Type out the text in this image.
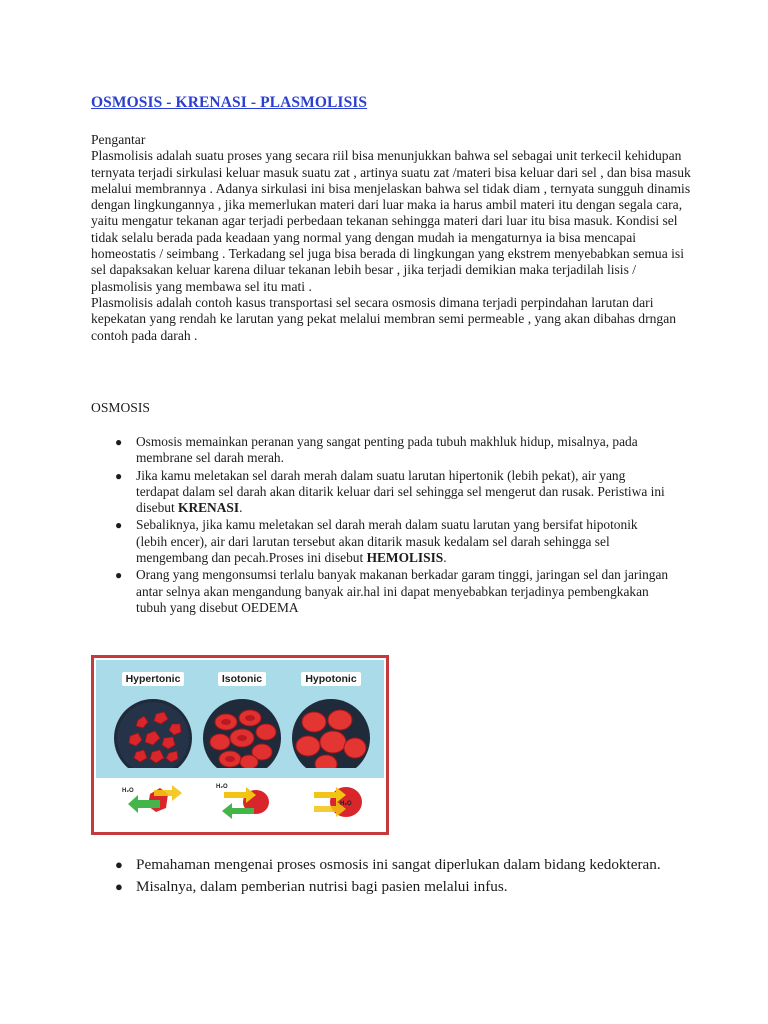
OSMOSIS - KRENASI - PLASMOLISIS

Pengantar

Plasmolisis adalah suatu proses yang secara riil bisa menunjukkan bahwa sel sebagai unit terkecil kehidupan ternyata terjadi sirkulasi keluar masuk suatu zat , artinya suatu zat /materi bisa keluar dari sel , dan bisa masuk melalui membrannya . Adanya sirkulasi ini bisa menjelaskan bahwa sel tidak diam , ternyata sungguh dinamis dengan lingkungannya , jika memerlukan materi dari luar maka ia harus ambil materi itu dengan segala cara, yaitu mengatur tekanan agar terjadi perbedaan tekanan sehingga materi dari luar itu bisa masuk. Kondisi sel tidak selalu berada pada keadaan yang normal yang dengan mudah ia mengaturnya ia bisa mencapai homeostatis / seimbang . Terkadang sel juga bisa berada di lingkungan yang ekstrem menyebabkan semua isi sel dapaksakan keluar karena diluar tekanan lebih besar , jika terjadi demikian maka terjadilah lisis / plasmolisis yang membawa sel itu mati .

Plasmolisis adalah contoh kasus transportasi sel secara osmosis dimana terjadi perpindahan larutan dari kepekatan yang rendah ke larutan yang pekat melalui membran semi permeable , yang akan dibahas drngan contoh pada darah .

OSMOSIS
● Osmosis memainkan peranan yang sangat penting pada tubuh makhluk hidup, misalnya, pada membrane sel darah merah.
● Jika kamu meletakan sel darah merah dalam suatu larutan hipertonik (lebih pekat), air yang terdapat dalam sel darah akan ditarik keluar dari sel sehingga sel mengerut dan rusak. Peristiwa ini disebut KRENASI.
● Sebaliknya, jika kamu meletakan sel darah merah dalam suatu larutan yang bersifat hipotonik (lebih encer), air dari larutan tersebut akan ditarik masuk kedalam sel darah sehingga sel mengembang dan pecah.Proses ini disebut HEMOLISIS.
● Orang yang mengonsumsi terlalu banyak makanan berkadar garam tinggi, jaringan sel dan jaringan antar selnya akan mengandung banyak air.hal ini dapat menyebabkan terjadinya pembengkakan tubuh yang disebut OEDEMA
Hypertonic	Isotonic	Hypotonic
H₂O
H₂O
H₂O
● Pemahaman mengenai proses osmosis ini sangat diperlukan dalam bidang kedokteran.
● Misalnya, dalam pemberian nutrisi bagi pasien melalui infus.
